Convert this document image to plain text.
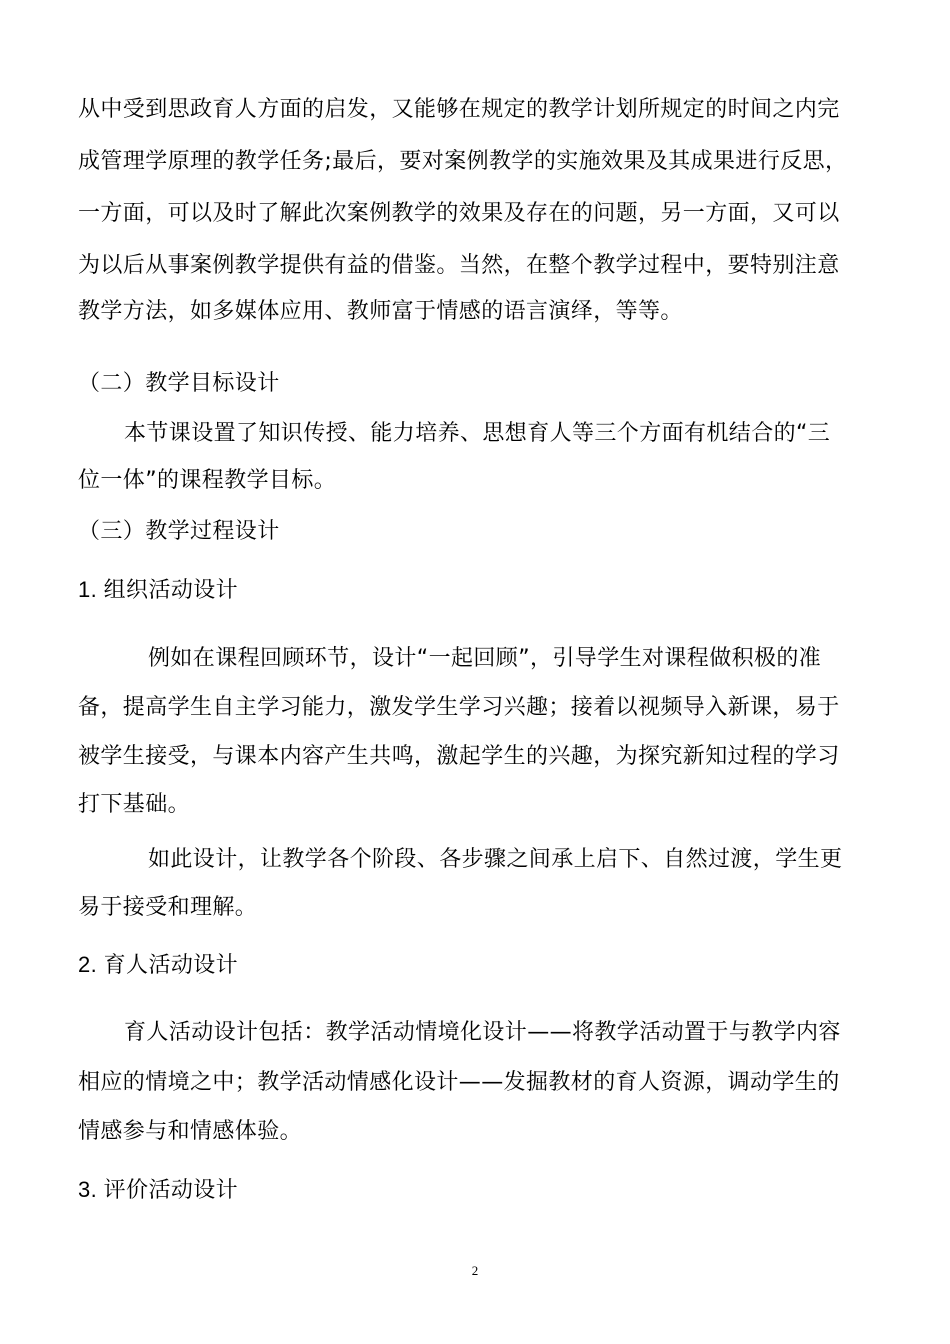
从中受到思政育人方面的启发，又能够在规定的教学计划所规定的时间之内完
成管理学原理的教学任务;最后，要对案例教学的实施效果及其成果进行反思，
一方面，可以及时了解此次案例教学的效果及存在的问题，另一方面，又可以
为以后从事案例教学提供有益的借鉴。当然，在整个教学过程中，要特别注意
教学方法，如多媒体应用、教师富于情感的语言演绎，等等。
（二）教学目标设计
本节课设置了知识传授、能力培养、思想育人等三个方面有机结合的“三
位一体”的课程教学目标。
（三）教学过程设计
1. 组织活动设计
例如在课程回顾环节，设计“一起回顾”，引导学生对课程做积极的准
备，提高学生自主学习能力，激发学生学习兴趣；接着以视频导入新课，易于
被学生接受，与课本内容产生共鸣，激起学生的兴趣，为探究新知过程的学习
打下基础。
如此设计，让教学各个阶段、各步骤之间承上启下、自然过渡，学生更
易于接受和理解。
2. 育人活动设计
育人活动设计包括：教学活动情境化设计——将教学活动置于与教学内容
相应的情境之中；教学活动情感化设计——发掘教材的育人资源，调动学生的
情感参与和情感体验。
3. 评价活动设计
2
